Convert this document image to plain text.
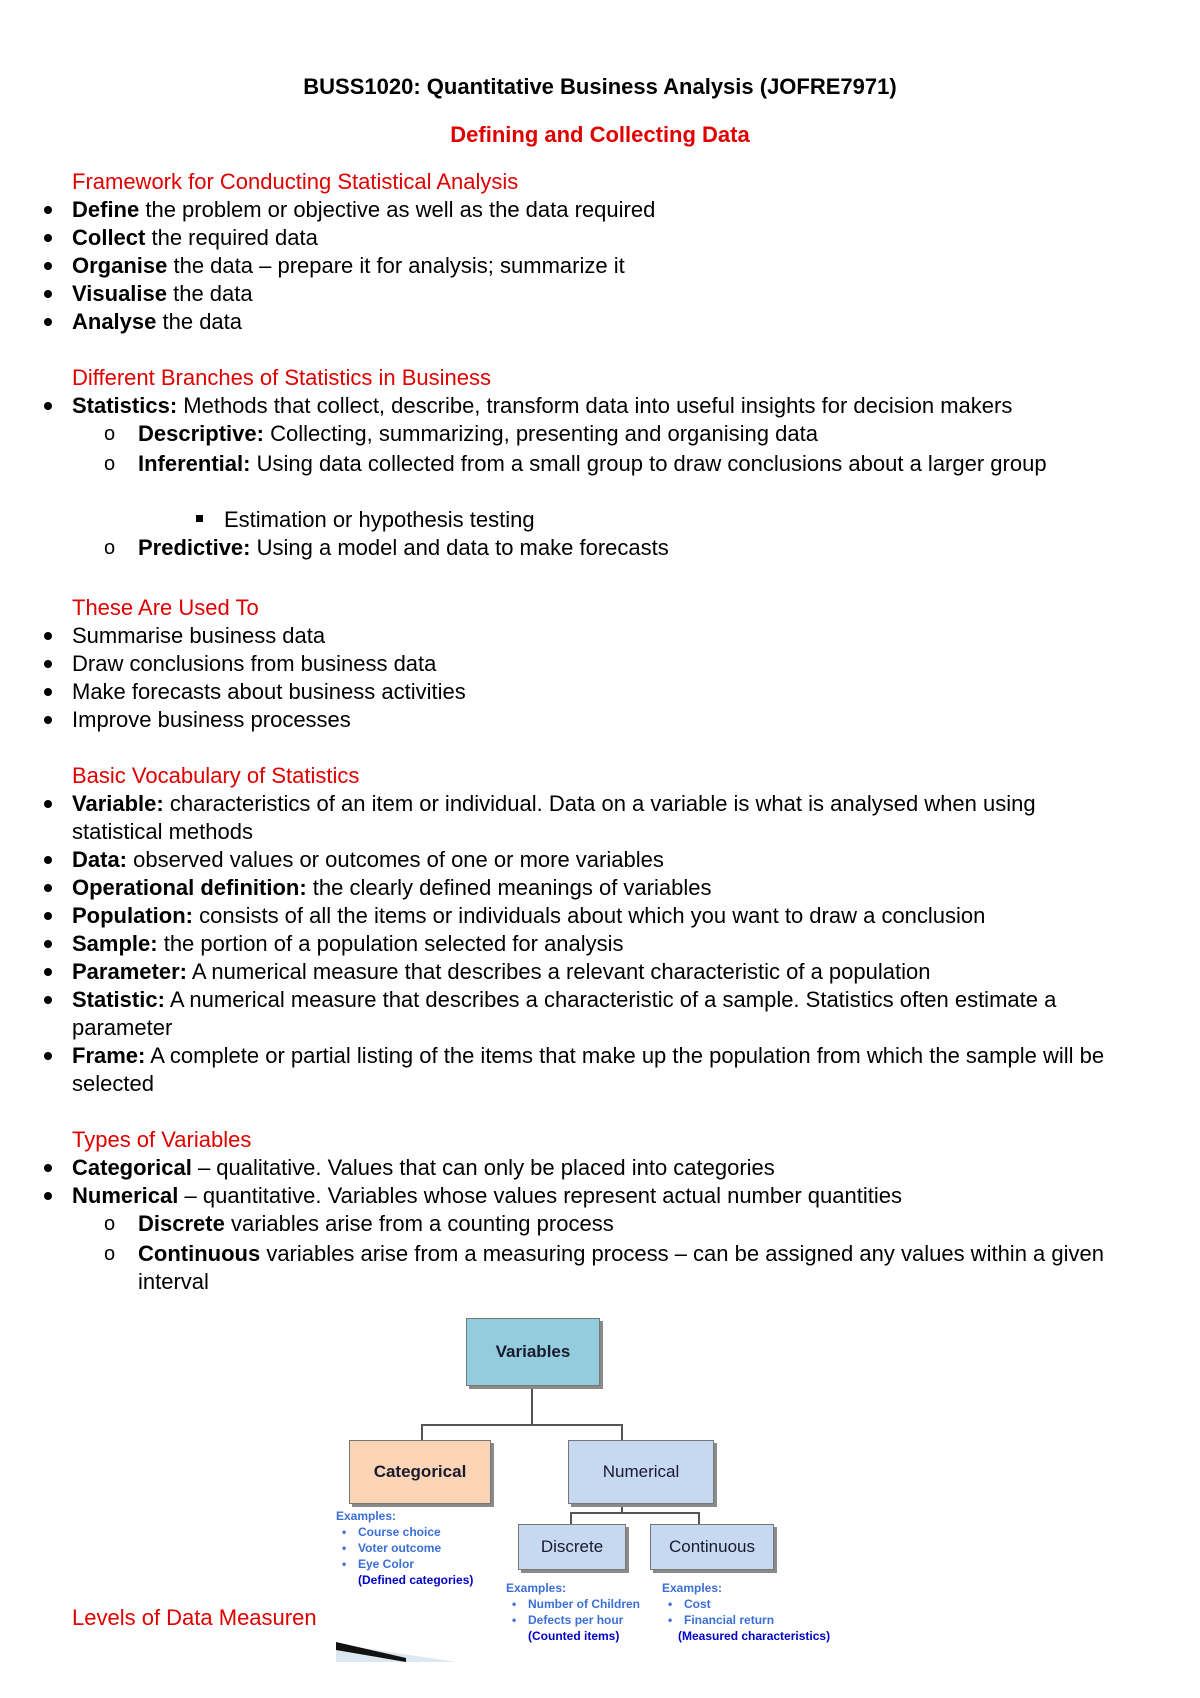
BUSS1020: Quantitative Business Analysis (JOFRE7971)
Defining and Collecting Data
Framework for Conducting Statistical Analysis
Define the problem or objective as well as the data required
Collect the required data
Organise the data – prepare it for analysis; summarize it
Visualise the data
Analyse the data
Different Branches of Statistics in Business
Statistics: Methods that collect, describe, transform data into useful insights for decision makers
o Descriptive: Collecting, summarizing, presenting and organising data
o Inferential: Using data collected from a small group to draw conclusions about a larger group
Estimation or hypothesis testing
o Predictive: Using a model and data to make forecasts
These Are Used To
Summarise business data
Draw conclusions from business data
Make forecasts about business activities
Improve business processes
Basic Vocabulary of Statistics
Variable: characteristics of an item or individual. Data on a variable is what is analysed when using statistical methods
Data: observed values or outcomes of one or more variables
Operational definition: the clearly defined meanings of variables
Population: consists of all the items or individuals about which you want to draw a conclusion
Sample: the portion of a population selected for analysis
Parameter: A numerical measure that describes a relevant characteristic of a population
Statistic: A numerical measure that describes a characteristic of a sample. Statistics often estimate a parameter
Frame: A complete or partial listing of the items that make up the population from which the sample will be selected
Types of Variables
Categorical – qualitative. Values that can only be placed into categories
Numerical – quantitative. Variables whose values represent actual number quantities
o Discrete variables arise from a counting process
o Continuous variables arise from a measuring process – can be assigned any values within a given interval
Variables
Categorical	Numerical
Discrete	Continuous
Examples:
• Course choice
• Voter outcome
• Eye Color
(Defined categories)
Examples:
• Number of Children
• Defects per hour
(Counted items)
Examples:
• Cost
• Financial return
(Measured characteristics)
Levels of Data Measuren
